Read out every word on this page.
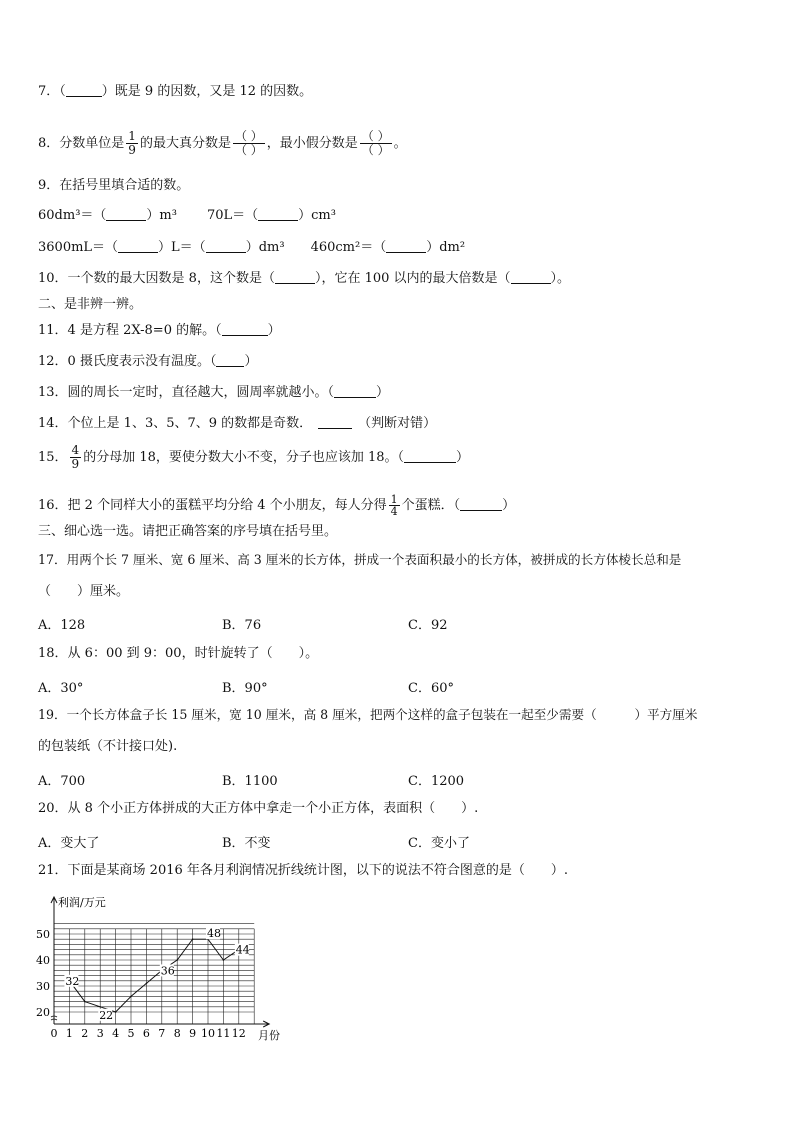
7．（	）既是 9 的因数，又是 12 的因数。
8．分数单位是 $\frac{1}{9}$ 的最大真分数是 $\frac{( )}{( )}$ ，最小假分数是 $\frac{( )}{( )}$ 。
9．在括号里填合适的数。
60dm³＝（	）m³ 70L＝（	）cm³
3600mL＝（	）L＝（	）dm³ 460cm²＝（	）dm²
10．一个数的最大因数是 8，这个数是（	），它在 100 以内的最大倍数是（	）。
二、是非辨一辨。
11．4 是方程 2X-8=0 的解。（	）
12．0 摄氏度表示没有温度。（ ）
13．圆的周长一定时，直径越大，圆周率就越小。（	）
14．个位上是 1、3、5、7、9 的数都是奇数．	（判断对错）
15． $\frac{4}{9}$ 的分母加 18，要使分数大小不变，分子也应该加 18。（	）
16．把 2 个同样大小的蛋糕平均分给 4 个小朋友，每人分得 $\frac{1}{4}$ 个蛋糕．（	）
三、细心选一选。请把正确答案的序号填在括号里。
17．用两个长 7 厘米、宽 6 厘米、高 3 厘米的长方体，拼成一个表面积最小的长方体，被拼成的长方体棱长总和是
（　　）厘米。
A．128	B．76	C．92
18．从 6：00 到 9：00，时针旋转了（　　）。
A．30°	B．90°	C．60°
19．一个长方体盒子长 15 厘米，宽 10 厘米，高 8 厘米，把两个这样的盒子包装在一起至少需要（　　　）平方厘米
的包装纸（不计接口处).
A．700	B．1100	C．1200
20．从 8 个小正方体拼成的大正方体中拿走一个小正方体，表面积（　　）.
A．变大了	B．不变	C．变小了
21．下面是某商场 2016 年各月利润情况折线统计图，以下的说法不符合图意的是（　　）.
20
30
40
50
0 1 2 3 4 5 6 7 8 9 10 11 12
32
22
36
48
44
利润/万元
月份
